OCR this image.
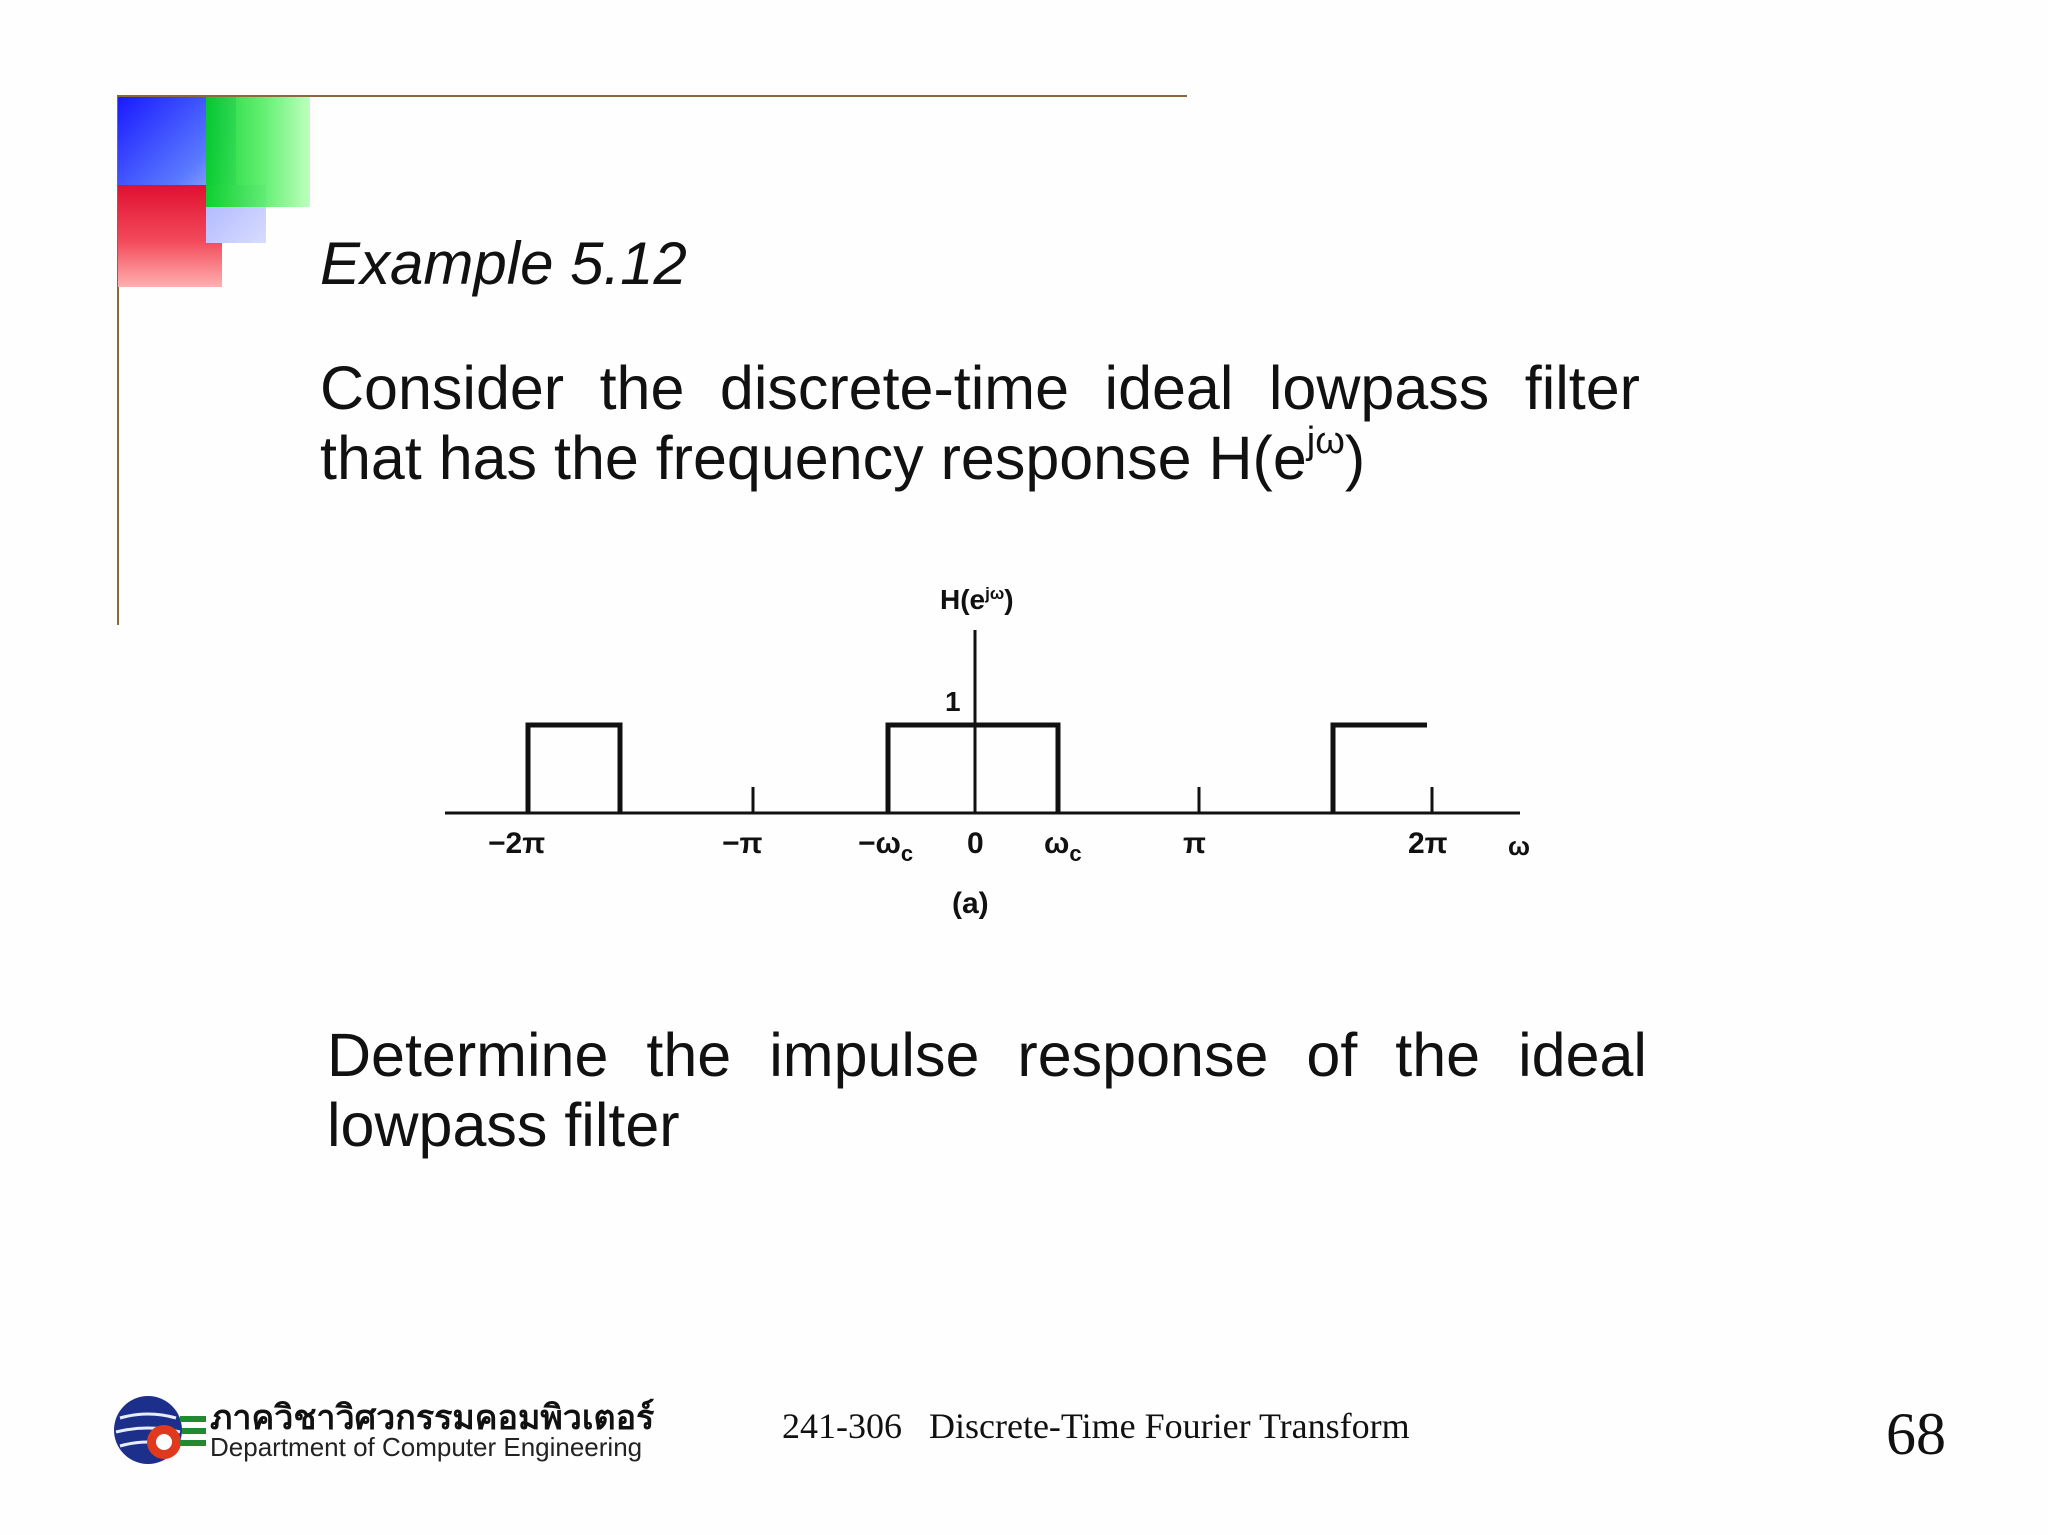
Example 5.12

Consider the discrete-time ideal lowpass filter that has the frequency response $H(e^{j\omega})$

$H(e^{j\omega})$
1
−2π	−π	$-\omega_c$ 0 $\omega_c$	π	2π ω
(a)

Determine the impulse response of the ideal lowpass filter

ภาควิชาวิศวกรรมคอมพิวเตอร์
Department of Computer Engineering
241-306   Discrete-Time Fourier Transform	68
